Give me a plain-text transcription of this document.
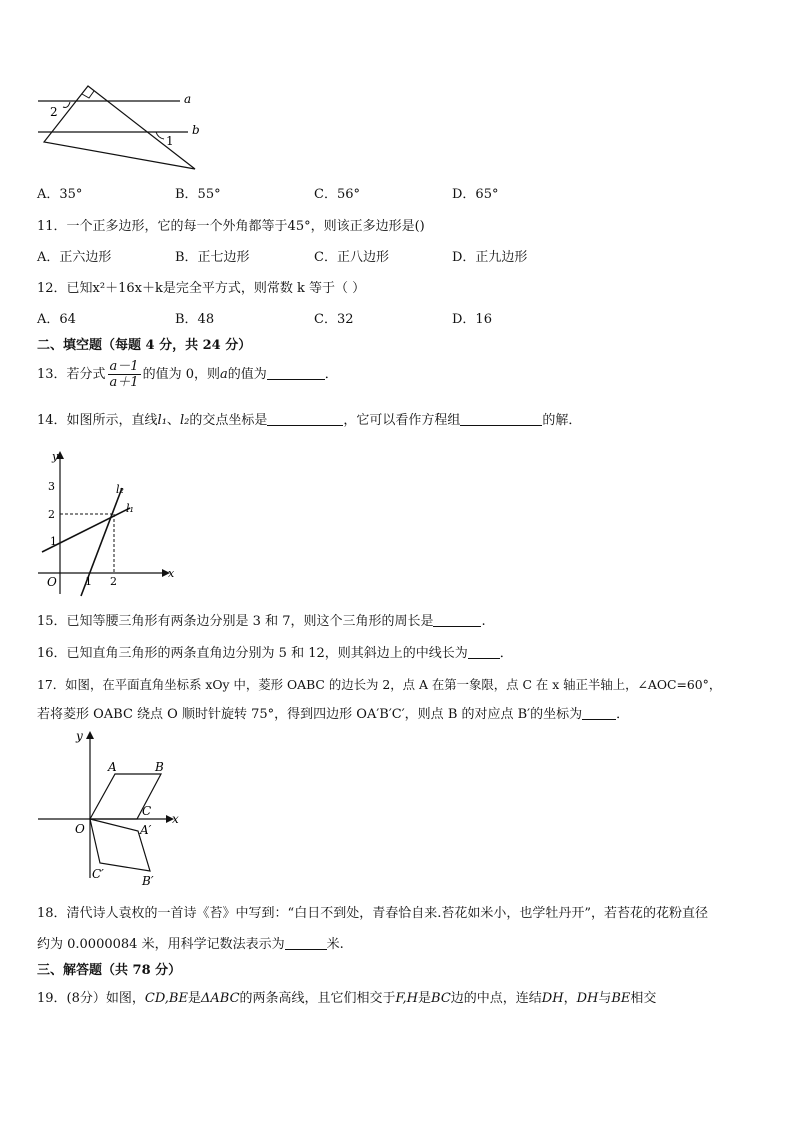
a
b
2
1
A．35°	B．55°	C．56°	D．65°
11．一个正多边形，它的每一个外角都等于45°，则该正多边形是()
A．正六边形	B．正七边形	C．正八边形	D．正九边形
12．已知x²＋16x＋k是完全平方式，则常数 k 等于（ ）
A．64	B．48	C．32	D．16
二、填空题（每题 4 分，共 24 分）
13．若分式 $\frac{a-1}{a+1}$ 的值为 0，则a的值为	．
14．如图所示，直线l₁、l₂的交点坐标是	，它可以看作方程组	的解．
y
x
O
3
2
1
1 2
l₂
l₁
15．已知等腰三角形有两条边分别是 3 和 7，则这个三角形的周长是	.
16．已知直角三角形的两条直角边分别为 5 和 12，则其斜边上的中线长为 ．
17．如图，在平面直角坐标系 xOy 中，菱形 OABC 的边长为 2，点 A 在第一象限，点 C 在 x 轴正半轴上，∠AOC=60°，
若将菱形 OABC 绕点 O 顺时针旋转 75°，得到四边形 OA′B′C′，则点 B 的对应点 B′的坐标为	．
y
x
O
A	B
C
A′
B′
C′
18．清代诗人袁枚的一首诗《苔》中写到：“白日不到处，青春恰自来.苔花如米小，也学牡丹开”，若苔花的花粉直径
约为 0.0000084 米，用科学记数法表示为	米.
三、解答题（共 78 分）
19．(8分）如图，CD,BE是ΔABC的两条高线，且它们相交于F,H是BC边的中点，连结DH，DH与BE相交
